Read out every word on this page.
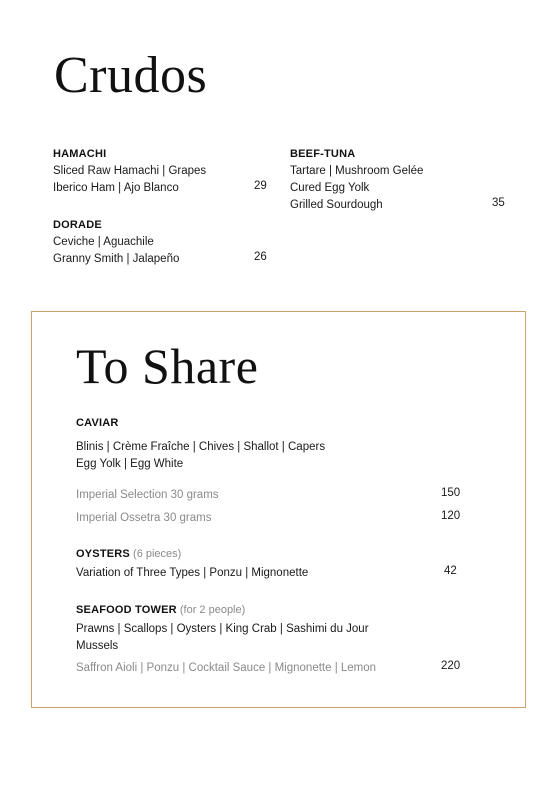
Crudos
HAMACHI
Sliced Raw Hamachi | Grapes
Iberico Ham | Ajo Blanco	29
DORADE
Ceviche | Aguachile
Granny Smith | Jalapeño	26
BEEF-TUNA
Tartare | Mushroom Gelée
Cured Egg Yolk
Grilled Sourdough	35
To Share
CAVIAR
Blinis | Crème Fraîche | Chives | Shallot | Capers
Egg Yolk | Egg White
Imperial Selection 30 grams	150
Imperial Ossetra 30 grams	120
OYSTERS (6 pieces)
Variation of Three Types | Ponzu | Mignonette	42
SEAFOOD TOWER (for 2 people)
Prawns | Scallops | Oysters | King Crab | Sashimi du Jour
Mussels
Saffron Aioli | Ponzu | Cocktail Sauce | Mignonette | Lemon	220
